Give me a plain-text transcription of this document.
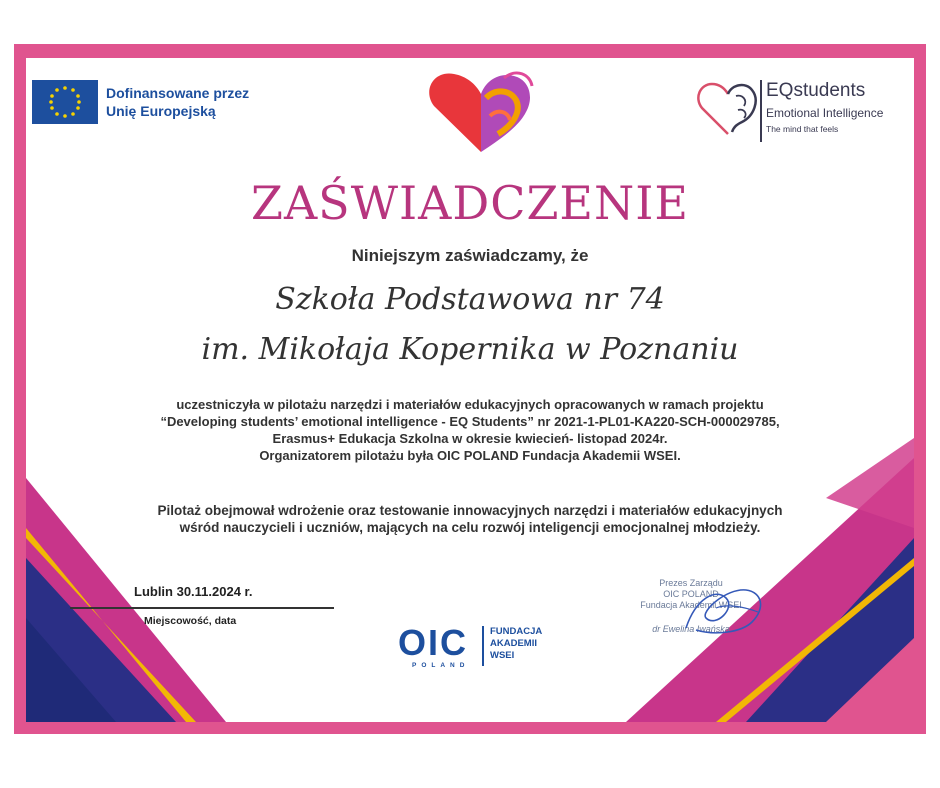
Dofinansowane przez
Unię Europejską
EQstudents
Emotional Intelligence
The mind that feels
ZAŚWIADCZENIE
Niniejszym zaświadczamy, że
Szkoła Podstawowa nr 74
im. Mikołaja Kopernika w Poznaniu
uczestniczyła w pilotażu narzędzi i materiałów edukacyjnych opracowanych w ramach projektu
“Developing students’ emotional intelligence - EQ Students” nr 2021-1-PL01-KA220-SCH-000029785,
Erasmus+ Edukacja Szkolna w okresie kwiecień- listopad 2024r.
Organizatorem pilotażu była OIC POLAND Fundacja Akademii WSEI.
Pilotaż obejmował wdrożenie oraz testowanie innowacyjnych narzędzi i materiałów edukacyjnych
wśród nauczycieli i uczniów, mających na celu rozwój inteligencji emocjonalnej młodzieży.
Lublin 30.11.2024 r.
Miejscowość, data
OIC
POLAND
FUNDACJA
AKADEMII
WSEI
Prezes Zarządu
OIC POLAND
Fundacja Akademii WSEI
dr Ewelina Iwańska
